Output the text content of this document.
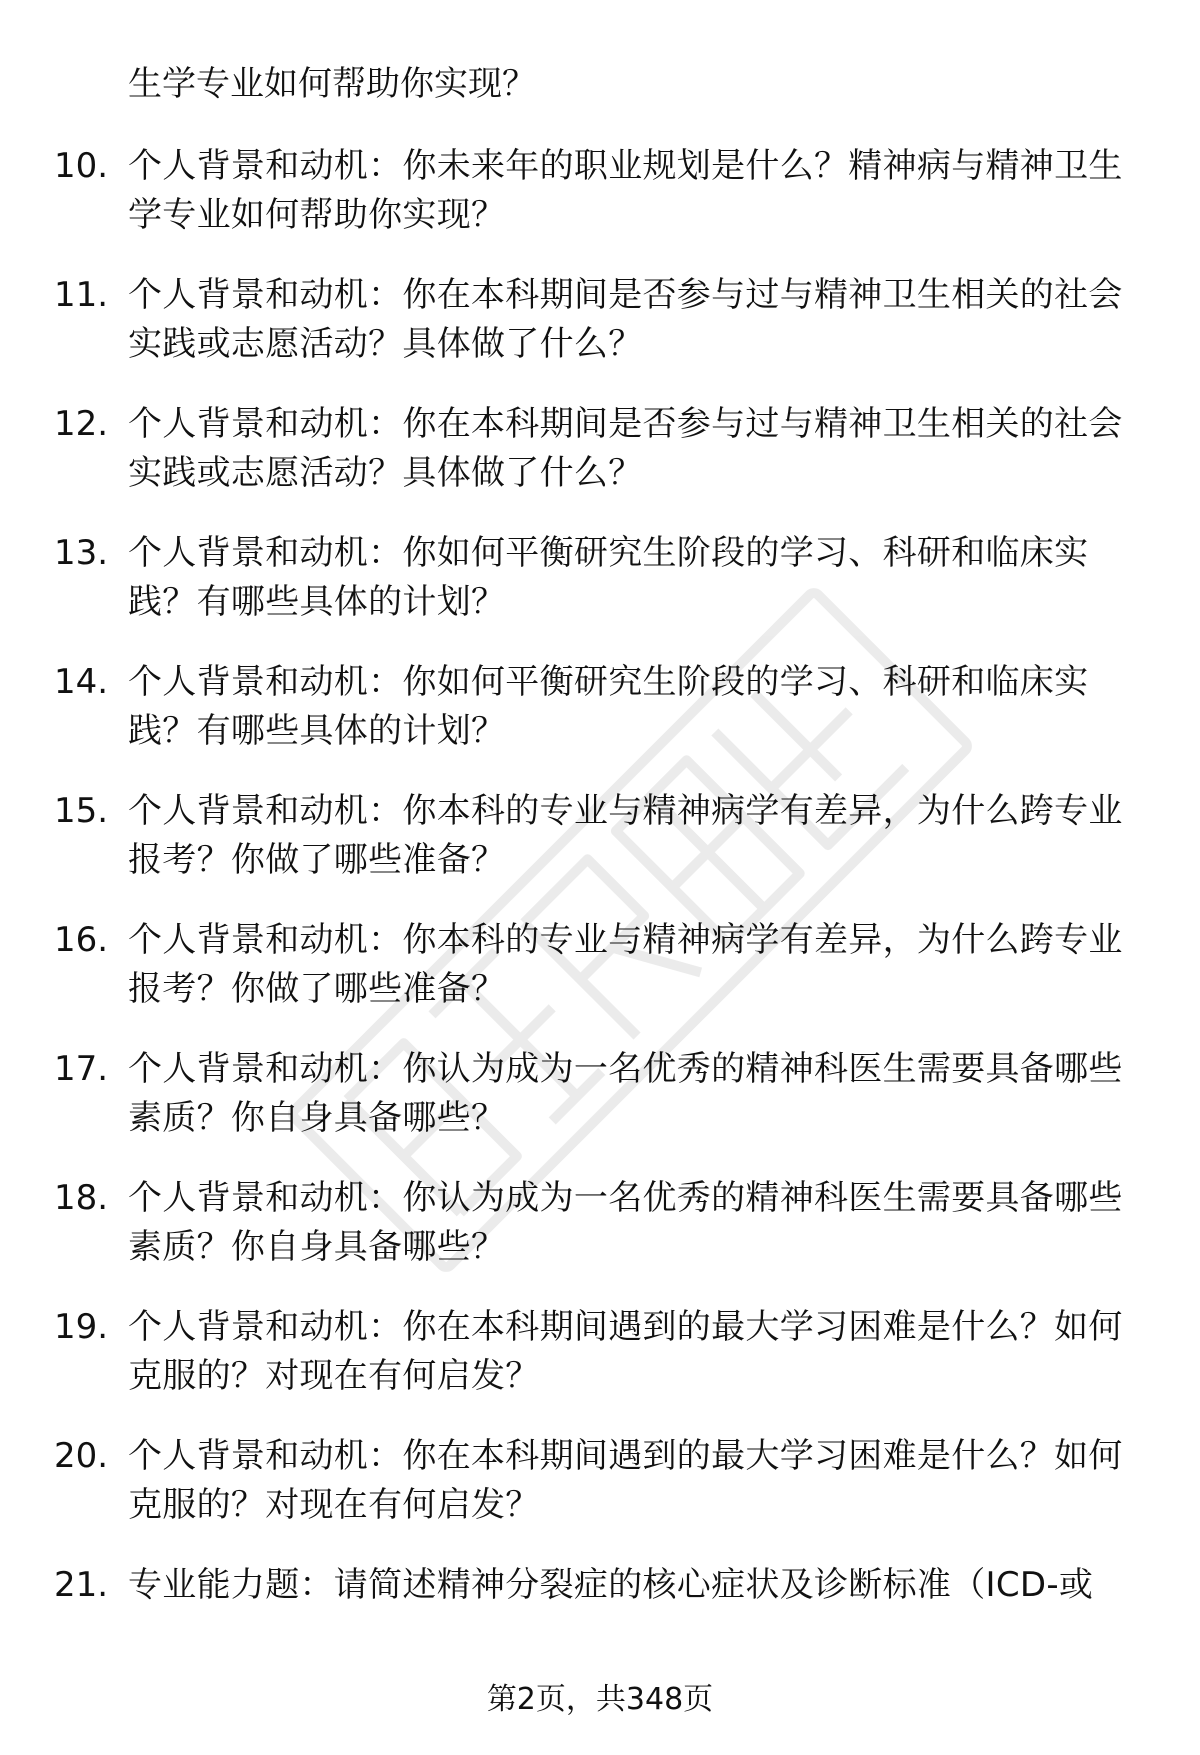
生学专业如何帮助你实现？
1. 10. 个人背景和动机：你未来年的职业规划是什么？精神病与精神卫生学专业如何帮助你实现？
2. 11. 个人背景和动机：你在本科期间是否参与过与精神卫生相关的社会实践或志愿活动？具体做了什么？
3. 12. 个人背景和动机：你在本科期间是否参与过与精神卫生相关的社会实践或志愿活动？具体做了什么？
4. 13. 个人背景和动机：你如何平衡研究生阶段的学习、科研和临床实践？有哪些具体的计划？
5. 14. 个人背景和动机：你如何平衡研究生阶段的学习、科研和临床实践？有哪些具体的计划？
6. 15. 个人背景和动机：你本科的专业与精神病学有差异，为什么跨专业报考？你做了哪些准备？
7. 16. 个人背景和动机：你本科的专业与精神病学有差异，为什么跨专业报考？你做了哪些准备？
8. 17. 个人背景和动机：你认为成为一名优秀的精神科医生需要具备哪些素质？你自身具备哪些？
9. 18. 个人背景和动机：你认为成为一名优秀的精神科医生需要具备哪些素质？你自身具备哪些？
10. 19. 个人背景和动机：你在本科期间遇到的最大学习困难是什么？如何克服的？对现在有何启发？
11. 20. 个人背景和动机：你在本科期间遇到的最大学习困难是什么？如何克服的？对现在有何启发？
12. 21. 专业能力题：请简述精神分裂症的核心症状及诊断标准（ICD-或
第2页，共348页
